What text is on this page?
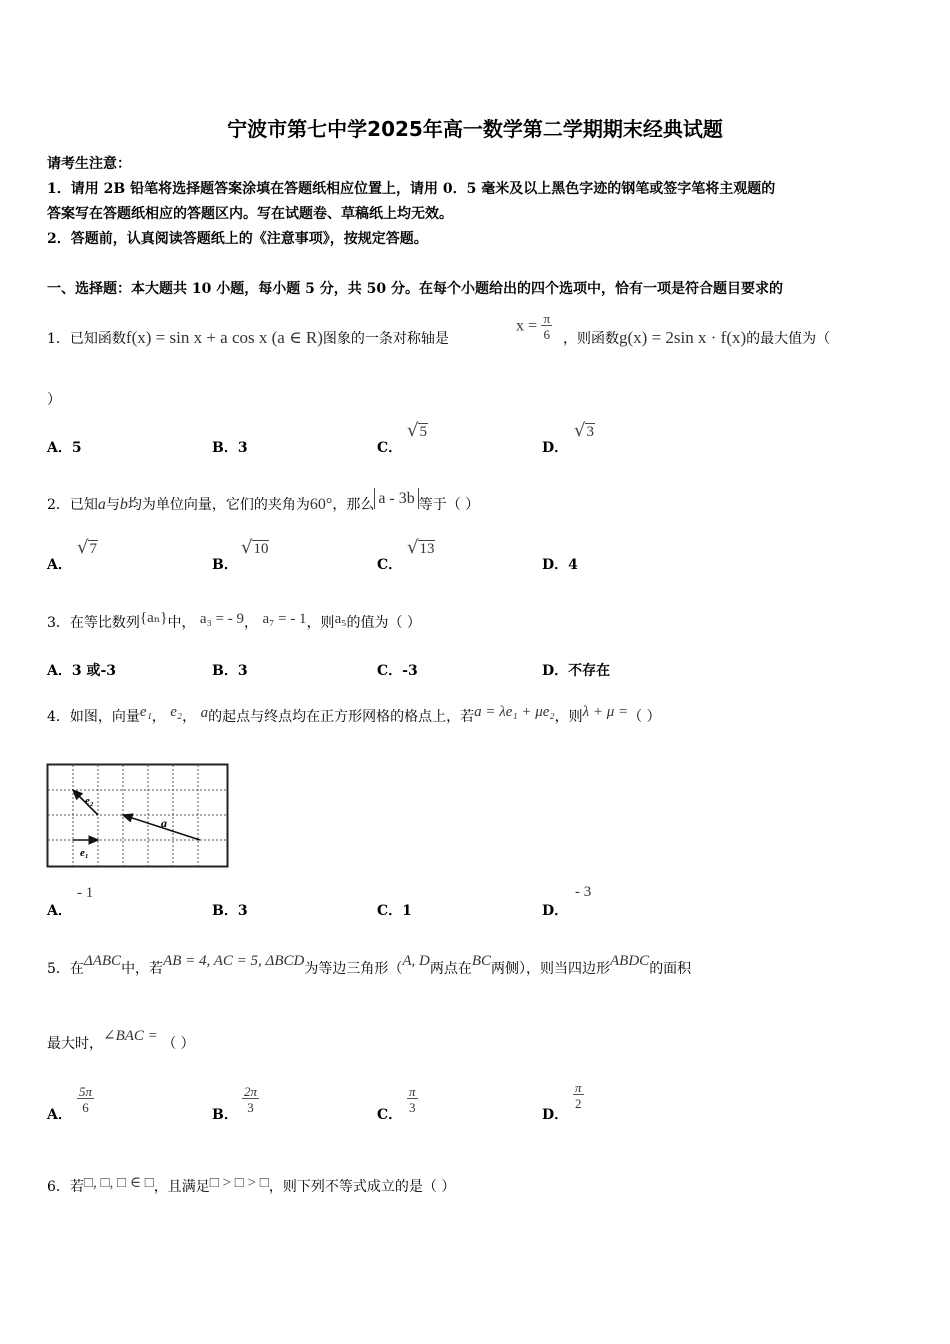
宁波市第七中学2025年高一数学第二学期期末经典试题
请考生注意：
1．请用 2B 铅笔将选择题答案涂填在答题纸相应位置上，请用 0．5 毫米及以上黑色字迹的钢笔或签字笔将主观题的
答案写在答题纸相应的答题区内。写在试题卷、草稿纸上均无效。
2．答题前，认真阅读答题纸上的《注意事项》，按规定答题。
一、选择题：本大题共 10 小题，每小题 5 分，共 50 分。在每个小题给出的四个选项中，恰有一项是符合题目要求的
1．已知函数f(x) = sin x + a cos x (a ∈ R)图象的一条对称轴是
$x = \frac{\pi}{6}$ ，则函数g(x) = 2sin x · f(x)的最大值为（
）
A．5	B．3	C．
√5
D．
√3
2．已知a与b均为单位向量，它们的夹角为60°，那么 a - 3b 等于（ ）
A．
√7
B．
√10
C．
√13
D．4
3．在等比数列{aₙ}中， a₃ = - 9， a₇ = - 1，则a₅的值为（ ）
A．3 或-3	B．3	C．-3	D．不存在
4．如图，向量e₁， e₂， a的起点与终点均在正方形网格的格点上，若a = λe₁ + μe₂，则λ + μ =（ ）
e₂
a
e₁
A．
- 1
B．3	C．1	D．
- 3
5．在ΔABC中，若AB = 4, AC = 5, ΔBCD为等边三角形（A, D两点在BC两侧），则当四边形ABDC的面积
最大时，∠BAC = （ ）
A．
$\frac{5\pi}{6}$
B．
$\frac{2\pi}{3}$
C．
$\frac{\pi}{3}$
D．
$\frac{\pi}{2}$
6．若□, □, □ ∈ □，且满足□ > □ > □，则下列不等式成立的是（ ）
